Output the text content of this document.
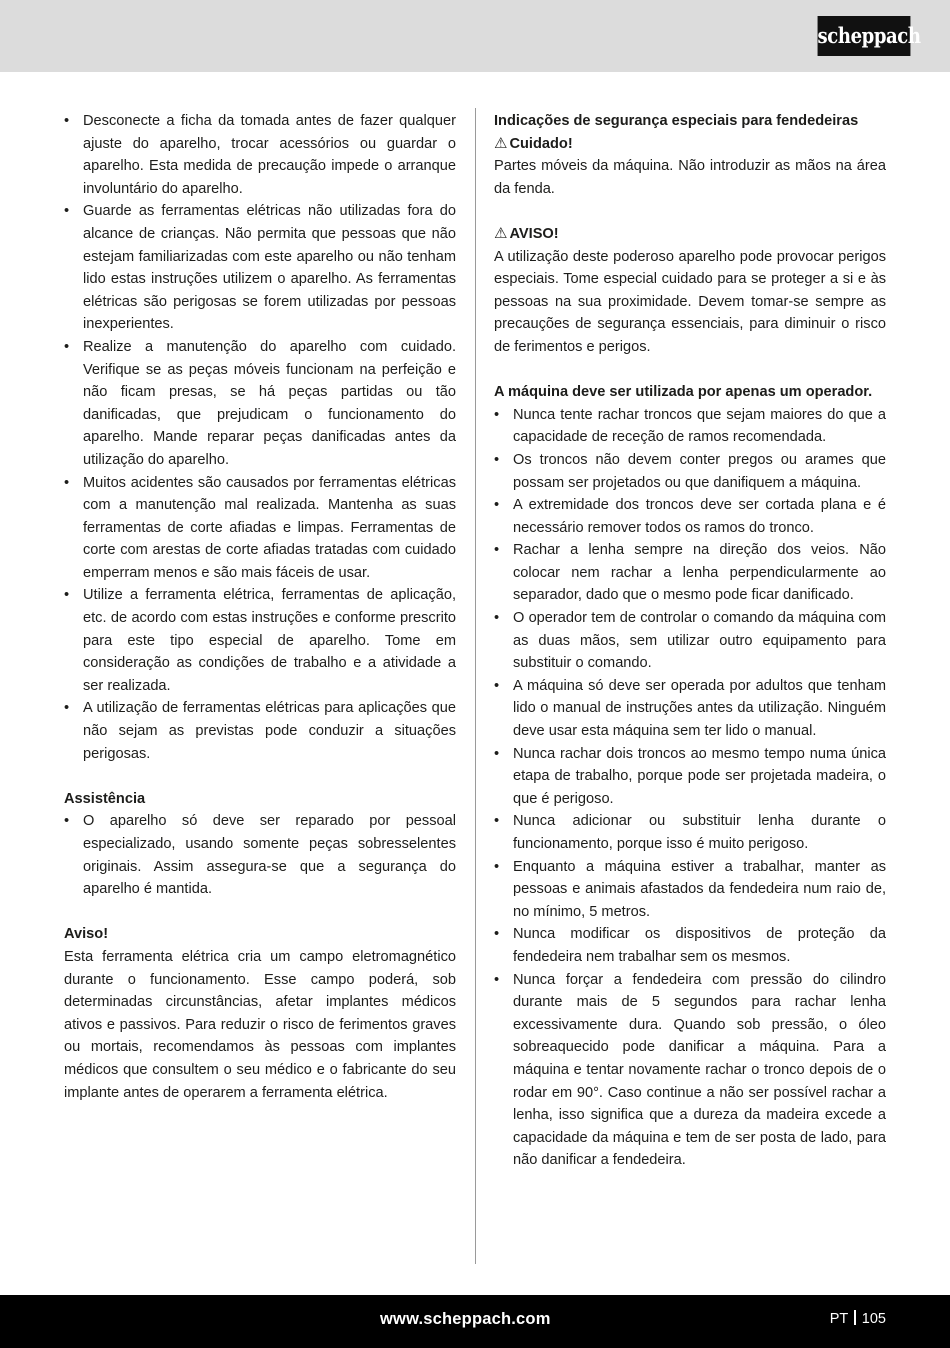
scheppach
• Desconecte a ficha da tomada antes de fazer qualquer ajuste do aparelho, trocar acessórios ou guardar o aparelho. Esta medida de precaução impede o arranque involuntário do aparelho.
• Guarde as ferramentas elétricas não utilizadas fora do alcance de crianças. Não permita que pessoas que não estejam familiarizadas com este aparelho ou não tenham lido estas instruções utilizem o aparelho. As ferramentas elétricas são perigosas se forem utilizadas por pessoas inexperientes.
• Realize a manutenção do aparelho com cuidado. Verifique se as peças móveis funcionam na perfeição e não ficam presas, se há peças partidas ou tão danificadas, que prejudicam o funcionamento do aparelho. Mande reparar peças danificadas antes da utilização do aparelho.
• Muitos acidentes são causados por ferramentas elétricas com a manutenção mal realizada. Mantenha as suas ferramentas de corte afiadas e limpas. Ferramentas de corte com arestas de corte afiadas tratadas com cuidado emperram menos e são mais fáceis de usar.
• Utilize a ferramenta elétrica, ferramentas de aplicação, etc. de acordo com estas instruções e conforme prescrito para este tipo especial de aparelho. Tome em consideração as condições de trabalho e a atividade a ser realizada.
• A utilização de ferramentas elétricas para aplicações que não sejam as previstas pode conduzir a situações perigosas.
Assistência
• O aparelho só deve ser reparado por pessoal especializado, usando somente peças sobresselentes originais. Assim assegura-se que a segurança do aparelho é mantida.
Aviso!

Esta ferramenta elétrica cria um campo eletromagnético durante o funcionamento. Esse campo poderá, sob determinadas circunstâncias, afetar implantes médicos ativos e passivos. Para reduzir o risco de ferimentos graves ou mortais, recomendamos às pessoas com implantes médicos que consultem o seu médico e o fabricante do seu implante antes de operarem a ferramenta elétrica.

Indicações de segurança especiais para fendedeiras
⚠ Cuidado!

Partes móveis da máquina. Não introduzir as mãos na área da fenda.

⚠ AVISO!

A utilização deste poderoso aparelho pode provocar perigos especiais. Tome especial cuidado para se proteger a si e às pessoas na sua proximidade. Devem tomar-se sempre as precauções de segurança essenciais, para diminuir o risco de ferimentos e perigos.

A máquina deve ser utilizada por apenas um operador.
• Nunca tente rachar troncos que sejam maiores do que a capacidade de receção de ramos recomendada.
• Os troncos não devem conter pregos ou arames que possam ser projetados ou que danifiquem a máquina.
• A extremidade dos troncos deve ser cortada plana e é necessário remover todos os ramos do tronco.
• Rachar a lenha sempre na direção dos veios. Não colocar nem rachar a lenha perpendicularmente ao separador, dado que o mesmo pode ficar danificado.
• O operador tem de controlar o comando da máquina com as duas mãos, sem utilizar outro equipamento para substituir o comando.
• A máquina só deve ser operada por adultos que tenham lido o manual de instruções antes da utilização. Ninguém deve usar esta máquina sem ter lido o manual.
• Nunca rachar dois troncos ao mesmo tempo numa única etapa de trabalho, porque pode ser projetada madeira, o que é perigoso.
• Nunca adicionar ou substituir lenha durante o funcionamento, porque isso é muito perigoso.
• Enquanto a máquina estiver a trabalhar, manter as pessoas e animais afastados da fendedeira num raio de, no mínimo, 5 metros.
• Nunca modificar os dispositivos de proteção da fendedeira nem trabalhar sem os mesmos.
• Nunca forçar a fendedeira com pressão do cilindro durante mais de 5 segundos para rachar lenha excessivamente dura. Quando sob pressão, o óleo sobreaquecido pode danificar a máquina. Para a máquina e tentar novamente rachar o tronco depois de o rodar em 90°. Caso continue a não ser possível rachar a lenha, isso significa que a dureza da madeira excede a capacidade da máquina e tem de ser posta de lado, para não danificar a fendedeira.
www.scheppach.com	PT 105
